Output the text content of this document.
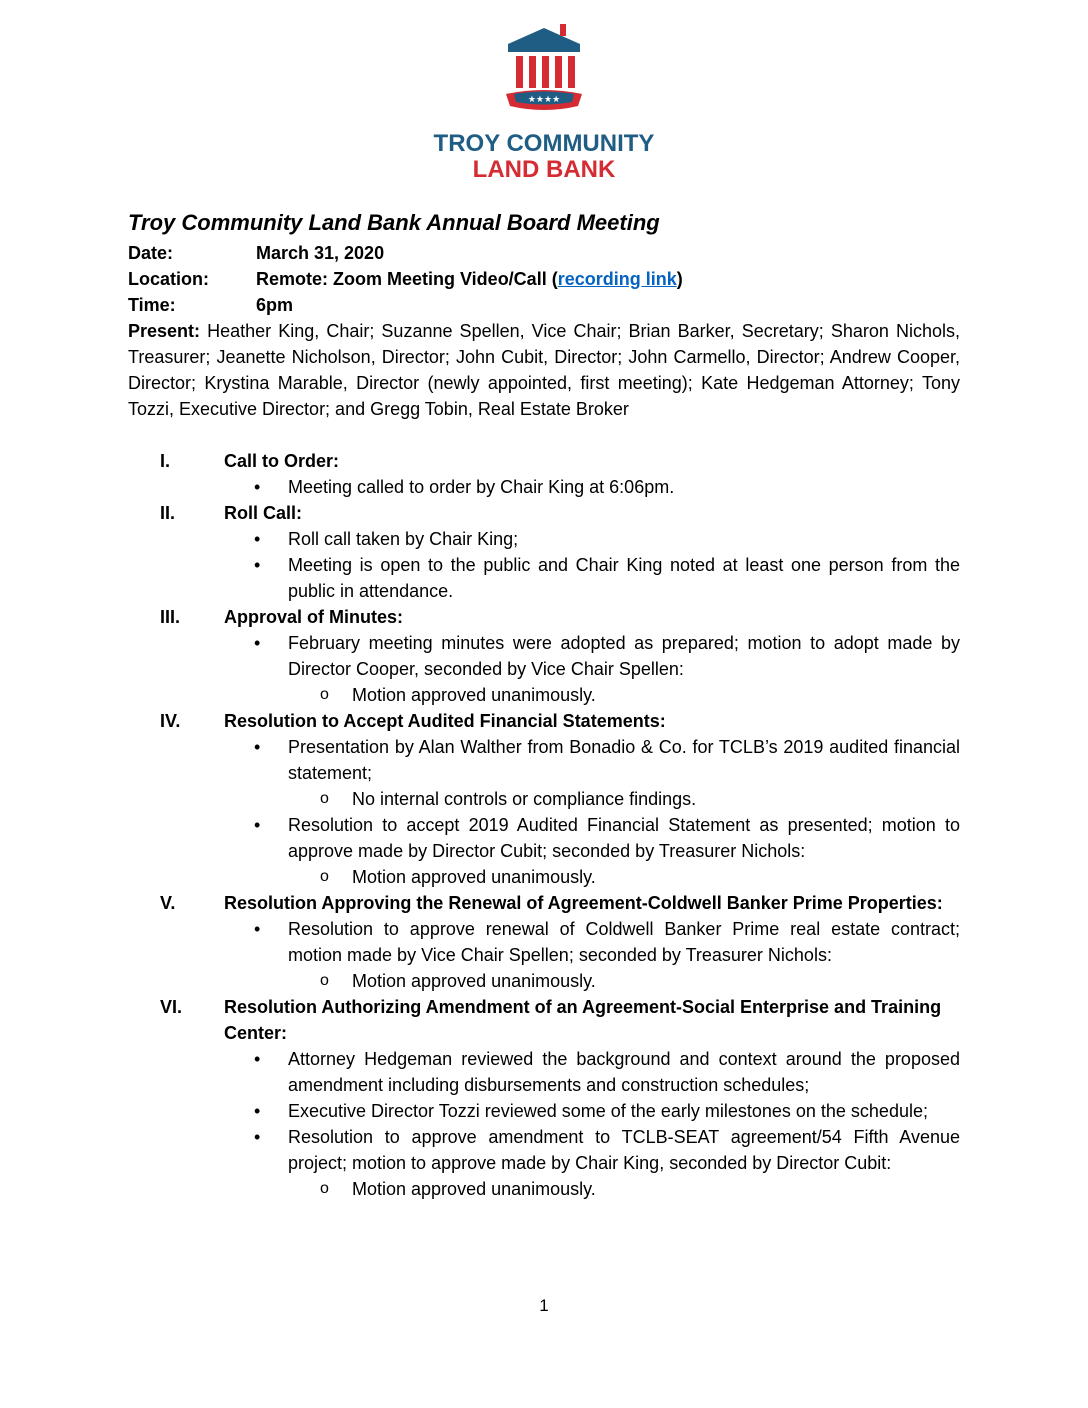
★★★★
TROY COMMUNITY
LAND BANK
Troy Community Land Bank Annual Board Meeting
Date:	March 31, 2020
Location:	Remote: Zoom Meeting Video/Call (recording link)
Time:	6pm
Present: Heather King, Chair; Suzanne Spellen, Vice Chair; Brian Barker, Secretary; Sharon Nichols, Treasurer; Jeanette Nicholson, Director; John Cubit, Director; John Carmello, Director; Andrew Cooper, Director; Krystina Marable, Director (newly appointed, first meeting); Kate Hedgeman Attorney; Tony Tozzi, Executive Director; and Gregg Tobin, Real Estate Broker
I.	Call to Order:
• Meeting called to order by Chair King at 6:06pm.
II.	Roll Call:
• Roll call taken by Chair King;
• Meeting is open to the public and Chair King noted at least one person from the public in attendance.
III.	Approval of Minutes:
• February meeting minutes were adopted as prepared; motion to adopt made by Director Cooper, seconded by Vice Chair Spellen:
o Motion approved unanimously.
IV.	Resolution to Accept Audited Financial Statements:
• Presentation by Alan Walther from Bonadio & Co. for TCLB’s 2019 audited financial statement;
o No internal controls or compliance findings.
• Resolution to accept 2019 Audited Financial Statement as presented; motion to approve made by Director Cubit; seconded by Treasurer Nichols:
o Motion approved unanimously.
V.	Resolution Approving the Renewal of Agreement-Coldwell Banker Prime Properties:
• Resolution to approve renewal of Coldwell Banker Prime real estate contract; motion made by Vice Chair Spellen; seconded by Treasurer Nichols:
o Motion approved unanimously.
VI.	Resolution Authorizing Amendment of an Agreement-Social Enterprise and Training Center:
• Attorney Hedgeman reviewed the background and context around the proposed amendment including disbursements and construction schedules;
• Executive Director Tozzi reviewed some of the early milestones on the schedule;
• Resolution to approve amendment to TCLB-SEAT agreement/54 Fifth Avenue project; motion to approve made by Chair King, seconded by Director Cubit:
o Motion approved unanimously.
1
